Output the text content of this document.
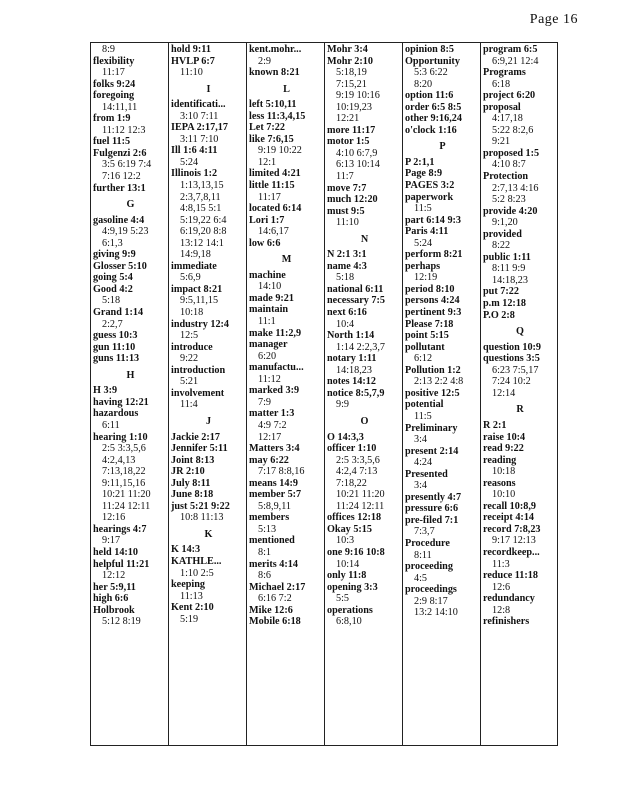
Page 16
8:9
flexibility
11:17
folks 9:24
foregoing
14:11,11
from 1:9
11:12 12:3
fuel 11:5
Fulgenzi 2:6
3:5 6:19 7:4
7:16 12:2
further 13:1
G
gasoline 4:4
4:9,19 5:23
6:1,3
giving 9:9
Glosser 5:10
going 5:4
Good 4:2
5:18
Grand 1:14
2:2,7
guess 10:3
gun 11:10
guns 11:13
H
H 3:9
having 12:21
hazardous
6:11
hearing 1:10
2:5 3:3,5,6
4:2,4,13
7:13,18,22
9:11,15,16
10:21 11:20
11:24 12:11
12:16
hearings 4:7
9:17
held 14:10
helpful 11:21
12:12
her 5:9,11
high 6:6
Holbrook
5:12 8:19
hold 9:11
HVLP 6:7
11:10
I
identificati...
3:10 7:11
IEPA 2:17,17
3:11 7:10
Ill 1:6 4:11
5:24
Illinois 1:2
1:13,13,15
2:3,7,8,11
4:8,15 5:1
5:19,22 6:4
6:19,20 8:8
13:12 14:1
14:9,18
immediate
5:6,9
impact 8:21
9:5,11,15
10:18
industry 12:4
12:5
introduce
9:22
introduction
5:21
involvement
11:4
J
Jackie 2:17
Jennifer 5:11
Joint 8:13
JR 2:10
July 8:11
June 8:18
just 5:21 9:22
10:8 11:13
K
K 14:3
KATHLE...
1:10 2:5
keeping
11:13
Kent 2:10
5:19
kent.mohr...
2:9
known 8:21
L
left 5:10,11
less 11:3,4,15
Let 7:22
like 7:6,15
9:19 10:22
12:1
limited 4:21
little 11:15
11:17
located 6:14
Lori 1:7
14:6,17
low 6:6
M
machine
14:10
made 9:21
maintain
11:1
make 11:2,9
manager
6:20
manufactu...
11:12
marked 3:9
7:9
matter 1:3
4:9 7:2
12:17
Matters 3:4
may 6:22
7:17 8:8,16
means 14:9
member 5:7
5:8,9,11
members
5:13
mentioned
8:1
merits 4:14
8:6
Michael 2:17
6:16 7:2
Mike 12:6
Mobile 6:18
Mohr 3:4
Mohr 2:10
5:18,19
7:15,21
9:19 10:16
10:19,23
12:21
more 11:17
motor 1:5
4:10 6:7,9
6:13 10:14
11:7
move 7:7
much 12:20
must 9:5
11:10
N
N 2:1 3:1
name 4:3
5:18
national 6:11
necessary 7:5
next 6:16
10:4
North 1:14
1:14 2:2,3,7
notary 1:11
14:18,23
notes 14:12
notice 8:5,7,9
9:9
O
O 14:3,3
officer 1:10
2:5 3:3,5,6
4:2,4 7:13
7:18,22
10:21 11:20
11:24 12:11
offices 12:18
Okay 5:15
10:3
one 9:16 10:8
10:14
only 11:8
opening 3:3
5:5
operations
6:8,10
opinion 8:5
Opportunity
5:3 6:22
8:20
option 11:6
order 6:5 8:5
other 9:16,24
o'clock 1:16
P
P 2:1,1
Page 8:9
PAGES 3:2
paperwork
11:5
part 6:14 9:3
Paris 4:11
5:24
perform 8:21
perhaps
12:19
period 8:10
persons 4:24
pertinent 9:3
Please 7:18
point 5:15
pollutant
6:12
Pollution 1:2
2:13 2:2 4:8
positive 12:5
potential
11:5
Preliminary
3:4
present 2:14
4:24
Presented
3:4
presently 4:7
pressure 6:6
pre-filed 7:1
7:3,7
Procedure
8:11
proceeding
4:5
proceedings
2:9 8:17
13:2 14:10
program 6:5
6:9,21 12:4
Programs
6:18
project 6:20
proposal
4:17,18
5:22 8:2,6
9:21
proposed 1:5
4:10 8:7
Protection
2:7,13 4:16
5:2 8:23
provide 4:20
9:1,20
provided
8:22
public 1:11
8:11 9:9
14:18,23
put 7:22
p.m 12:18
P.O 2:8
Q
question 10:9
questions 3:5
6:23 7:5,17
7:24 10:2
12:14
R
R 2:1
raise 10:4
read 9:22
reading
10:18
reasons
10:10
recall 10:8,9
receipt 4:14
record 7:8,23
9:17 12:13
recordkeep...
11:3
reduce 11:18
12:6
redundancy
12:8
refinishers
